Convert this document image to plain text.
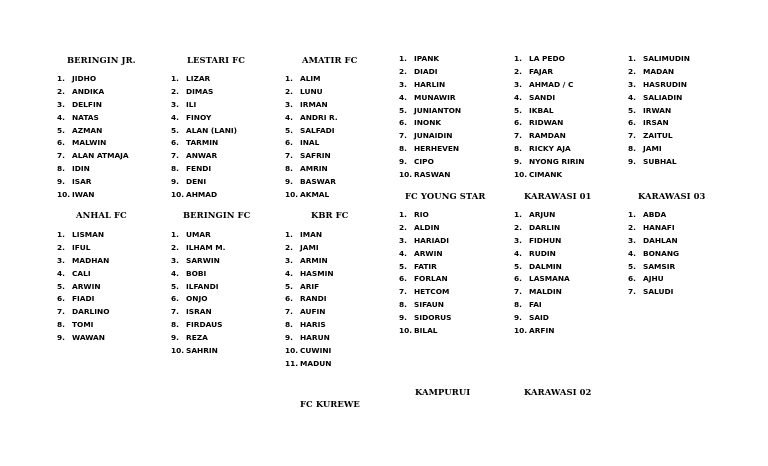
BERINGIN JR.	LESTARI FC	AMATIR FC
1. JIDHO
2. ANDIKA
3. DELFIN
4. NATAS
5. AZMAN
6. MALWIN
7. ALAN ATMAJA
8. IDIN
9. ISAR
10. IWAN
1. LIZAR
2. DIMAS
3. ILI
4. FINOY
5. ALAN (LANI)
6. TARMIN
7. ANWAR
8. FENDI
9. DENI
10. AHMAD
1. ALIM
2. LUNU
3. IRMAN
4. ANDRI R.
5. SALFADI
6. INAL
7. SAFRIN
8. AMRIN
9. BASWAR
10. AKMAL
1. IPANK
2. DIADI
3. HARLIN
4. MUNAWIR
5. JUNIANTON
6. INONK
7. JUNAIDIN
8. HERHEVEN
9. CIPO
10. RASWAN
1. LA PEDO
2. FAJAR
3. AHMAD / C
4. SANDI
5. IKBAL
6. RIDWAN
7. RAMDAN
8. RICKY AJA
9. NYONG RIRIN
10. CIMANK
1. SALIMUDIN
2. MADAN
3. HASRUDIN
4. SALIADIN
5. IRWAN
6. IRSAN
7. ZAITUL
8. JAMI
9. SUBHAL
ANHAL FC	BERINGIN FC	KBR FC
FC YOUNG STAR	KARAWASI 01	KARAWASI 03
1. LISMAN
2. IFUL
3. MADHAN
4. CALI
5. ARWIN
6. FIADI
7. DARLINO
8. TOMI
9. WAWAN
1. UMAR
2. ILHAM M.
3. SARWIN
4. BOBI
5. ILFANDI
6. ONJO
7. ISRAN
8. FIRDAUS
9. REZA
10. SAHRIN
1. IMAN
2. JAMI
3. ARMIN
4. HASMIN
5. ARIF
6. RANDI
7. AUFIN
8. HARIS
9. HARUN
10. CUWINI
11. MADUN
1. RIO
2. ALDIN
3. HARIADI
4. ARWIN
5. FATIR
6. FORLAN
7. HETCOM
8. SIFAUN
9. SIDORUS
10. BILAL
1. ARJUN
2. DARLIN
3. FIDHUN
4. RUDIN
5. DALMIN
6. LASMANA
7. MALDIN
8. FAI
9. SAID
10. ARFIN
1. ABDA
2. HANAFI
3. DAHLAN
4. BONANG
5. SAMSIR
6. AJHU
7. SALUDI
KAMPURUI	KARAWASI 02
FC KUREWE
